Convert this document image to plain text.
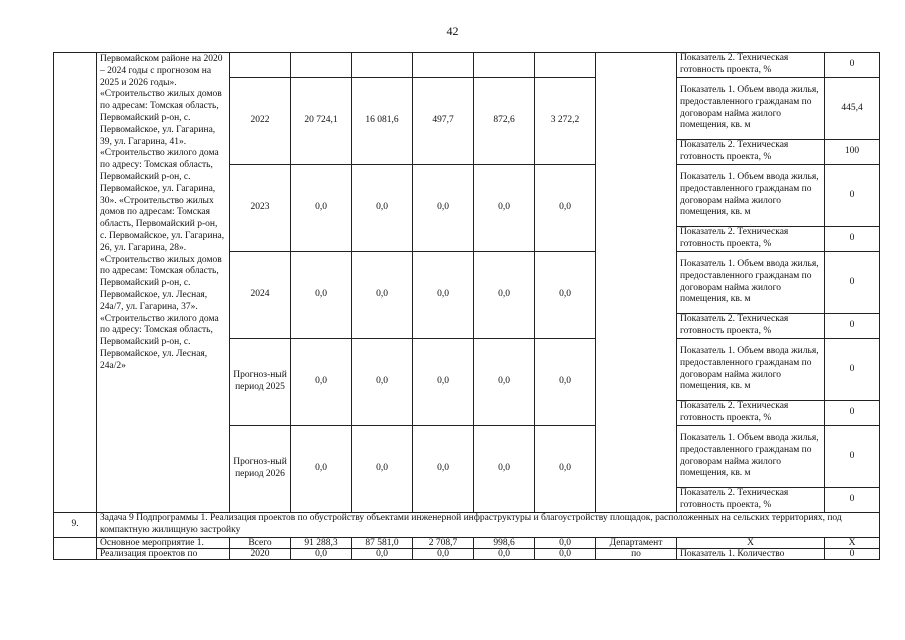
42
	Первомайском районе на 2020 – 2024 годы с прогнозом на 2025 и 2026 годы». «Строительство жилых домов по адресам: Томская область, Первомайский р-он, с. Первомайское, ул. Гагарина, 39, ул. Гагарина, 41». «Строительство жилого дома по адресу: Томская область, Первомайский р-он, с. Первомайское, ул. Гагарина, 30». «Строительство жилых домов по адресам: Томская область, Первомайский р-он, с. Первомайское, ул. Гагарина, 26, ул. Гагарина, 28». «Строительство жилых домов по адресам: Томская область, Первомайский р-он, с. Первомайское, ул. Лесная, 24а/7, ул. Гагарина, 37». «Строительство жилого дома по адресу: Томская область, Первомайский р-он, с. Первомайское, ул. Лесная, 24а/2»								Показатель 2. Техническая готовность проекта, %	0
		2022	20 724,1	16 081,6	497,7	872,6	3 272,2		Показатель 1. Объем ввода жилья, предоставленного гражданам по договорам найма жилого помещения, кв. м	445,4
									Показатель 2. Техническая готовность проекта, %	100
		2023	0,0	0,0	0,0	0,0	0,0		Показатель 1. Объем ввода жилья, предоставленного гражданам по договорам найма жилого помещения, кв. м	0
									Показатель 2. Техническая готовность проекта, %	0
		2024	0,0	0,0	0,0	0,0	0,0		Показатель 1. Объем ввода жилья, предоставленного гражданам по договорам найма жилого помещения, кв. м	0
									Показатель 2. Техническая готовность проекта, %	0
		Прогноз-ный период 2025	0,0	0,0	0,0	0,0	0,0		Показатель 1. Объем ввода жилья, предоставленного гражданам по договорам найма жилого помещения, кв. м	0
									Показатель 2. Техническая готовность проекта, %	0
		Прогноз-ный период 2026	0,0	0,0	0,0	0,0	0,0		Показатель 1. Объем ввода жилья, предоставленного гражданам по договорам найма жилого помещения, кв. м	0
									Показатель 2. Техническая готовность проекта, %	0
9.	Задача 9 Подпрограммы 1. Реализация проектов по обустройству объектами инженерной инфраструктуры и благоустройству площадок, расположенных на сельских территориях, под компактную жилищную застройку									
	Основное мероприятие 1.	Всего	91 288,3	87 581,0	2 708,7	998,6	0,0	Департамент	Х	Х
	Реализация проектов по	2020	0,0	0,0	0,0	0,0	0,0	по	Показатель 1. Количество	0
